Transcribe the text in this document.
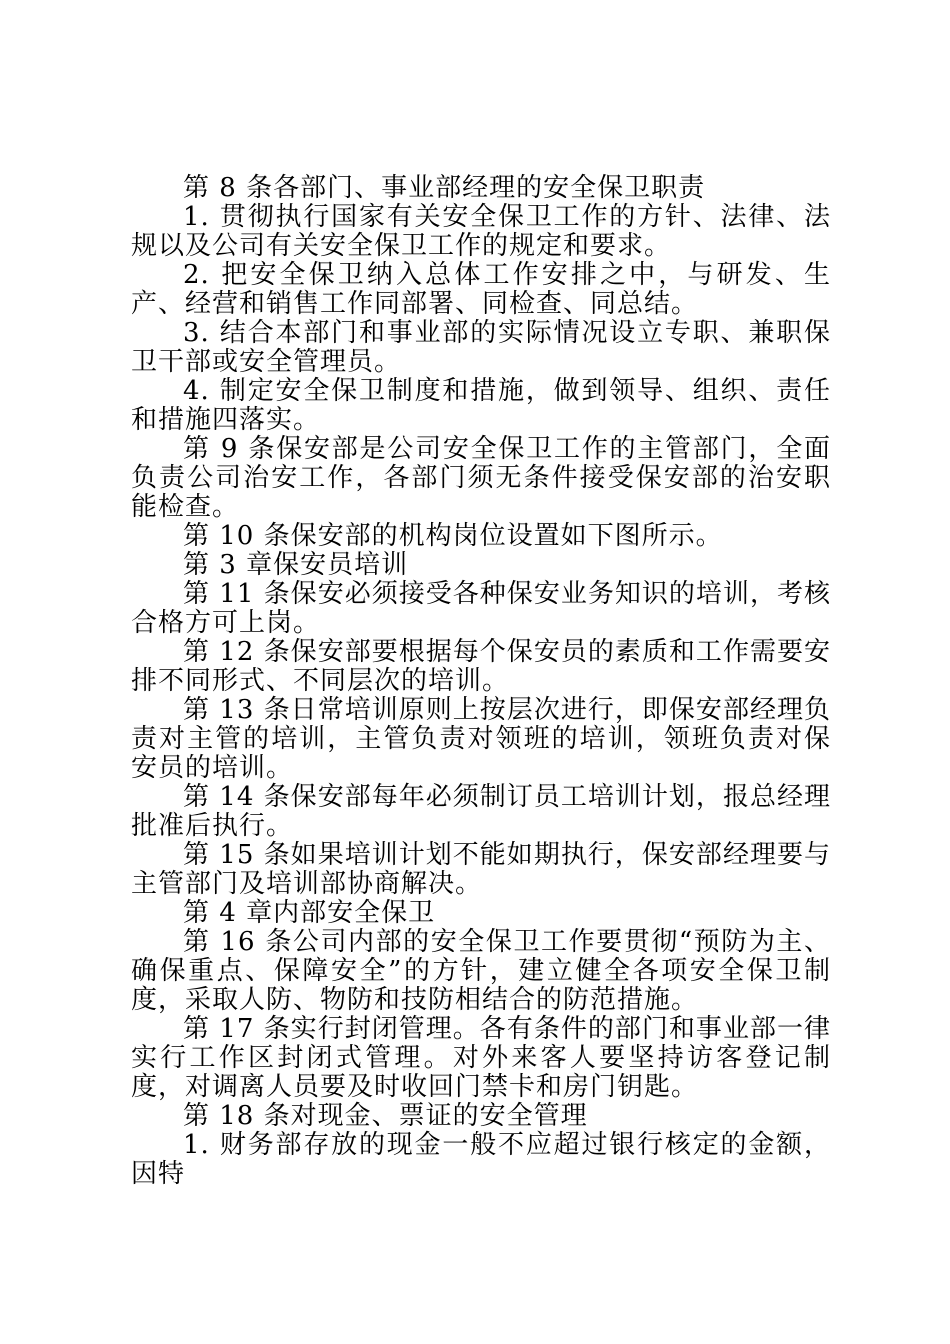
第 8 条各部门、事业部经理的安全保卫职责

1. 贯彻执行国家有关安全保卫工作的方针、法律、法规以及公司有关安全保卫工作的规定和要求。

2. 把安全保卫纳入总体工作安排之中，与研发、生产、经营和销售工作同部署、同检查、同总结。

3. 结合本部门和事业部的实际情况设立专职、兼职保卫干部或安全管理员。

4. 制定安全保卫制度和措施，做到领导、组织、责任和措施四落实。

第 9 条保安部是公司安全保卫工作的主管部门，全面负责公司治安工作，各部门须无条件接受保安部的治安职能检查。

第 10 条保安部的机构岗位设置如下图所示。

第 3 章保安员培训

第 11 条保安必须接受各种保安业务知识的培训，考核合格方可上岗。

第 12 条保安部要根据每个保安员的素质和工作需要安排不同形式、不同层次的培训。

第 13 条日常培训原则上按层次进行，即保安部经理负责对主管的培训，主管负责对领班的培训，领班负责对保安员的培训。

第 14 条保安部每年必须制订员工培训计划，报总经理批准后执行。

第 15 条如果培训计划不能如期执行，保安部经理要与主管部门及培训部协商解决。

第 4 章内部安全保卫

第 16 条公司内部的安全保卫工作要贯彻“预防为主、确保重点、保障安全”的方针，建立健全各项安全保卫制度，采取人防、物防和技防相结合的防范措施。

第 17 条实行封闭管理。各有条件的部门和事业部一律实行工作区封闭式管理。对外来客人要坚持访客登记制度，对调离人员要及时收回门禁卡和房门钥匙。

第 18 条对现金、票证的安全管理

1. 财务部存放的现金一般不应超过银行核定的金额，因特
